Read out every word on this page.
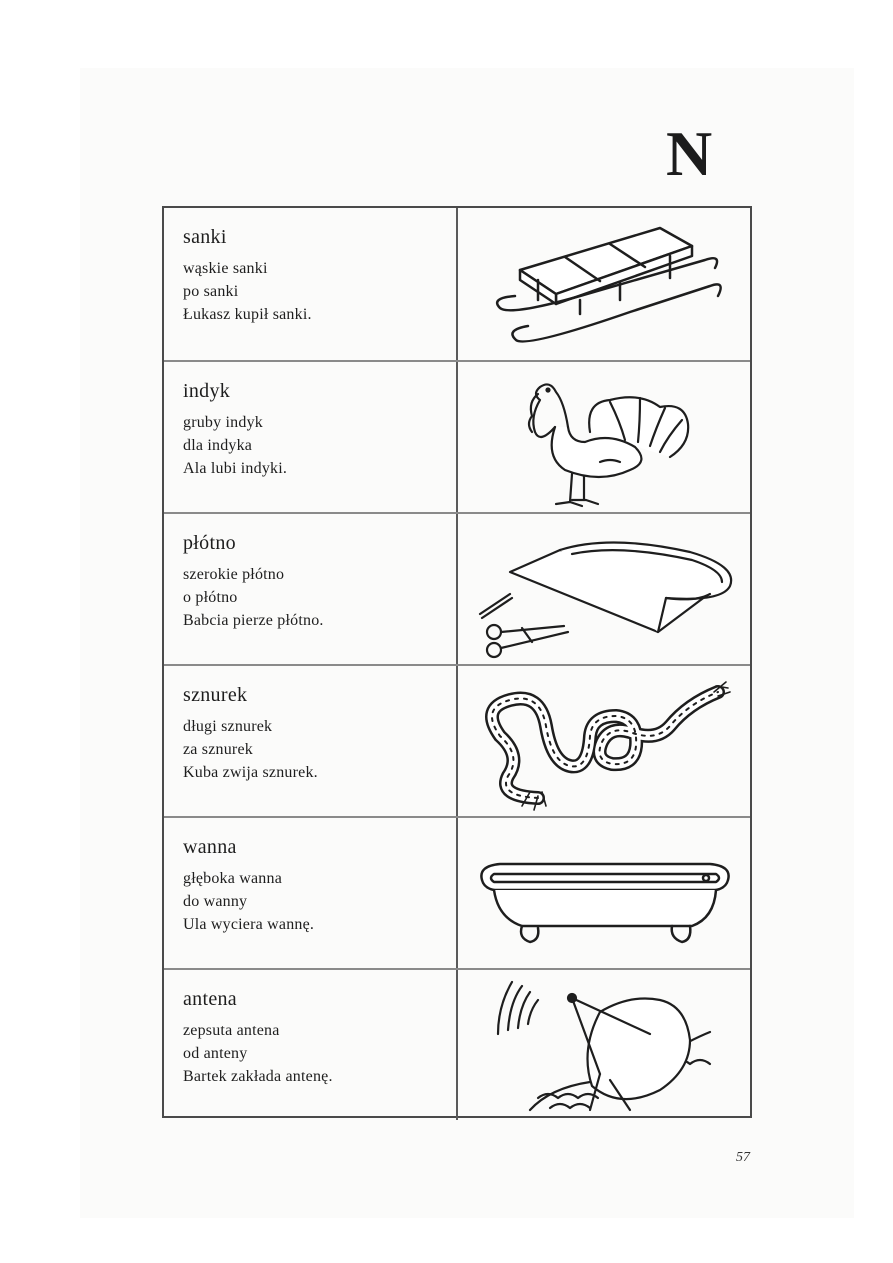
N
sanki
wąskie sanki
po sanki
Łukasz kupił sanki.
indyk
gruby indyk
dla indyka
Ala lubi indyki.
płótno
szerokie płótno
o płótno
Babcia pierze płótno.
sznurek
długi sznurek
za sznurek
Kuba zwija sznurek.
wanna
głęboka wanna
do wanny
Ula wyciera wannę.
antena
zepsuta antena
od anteny
Bartek zakłada antenę.
57
